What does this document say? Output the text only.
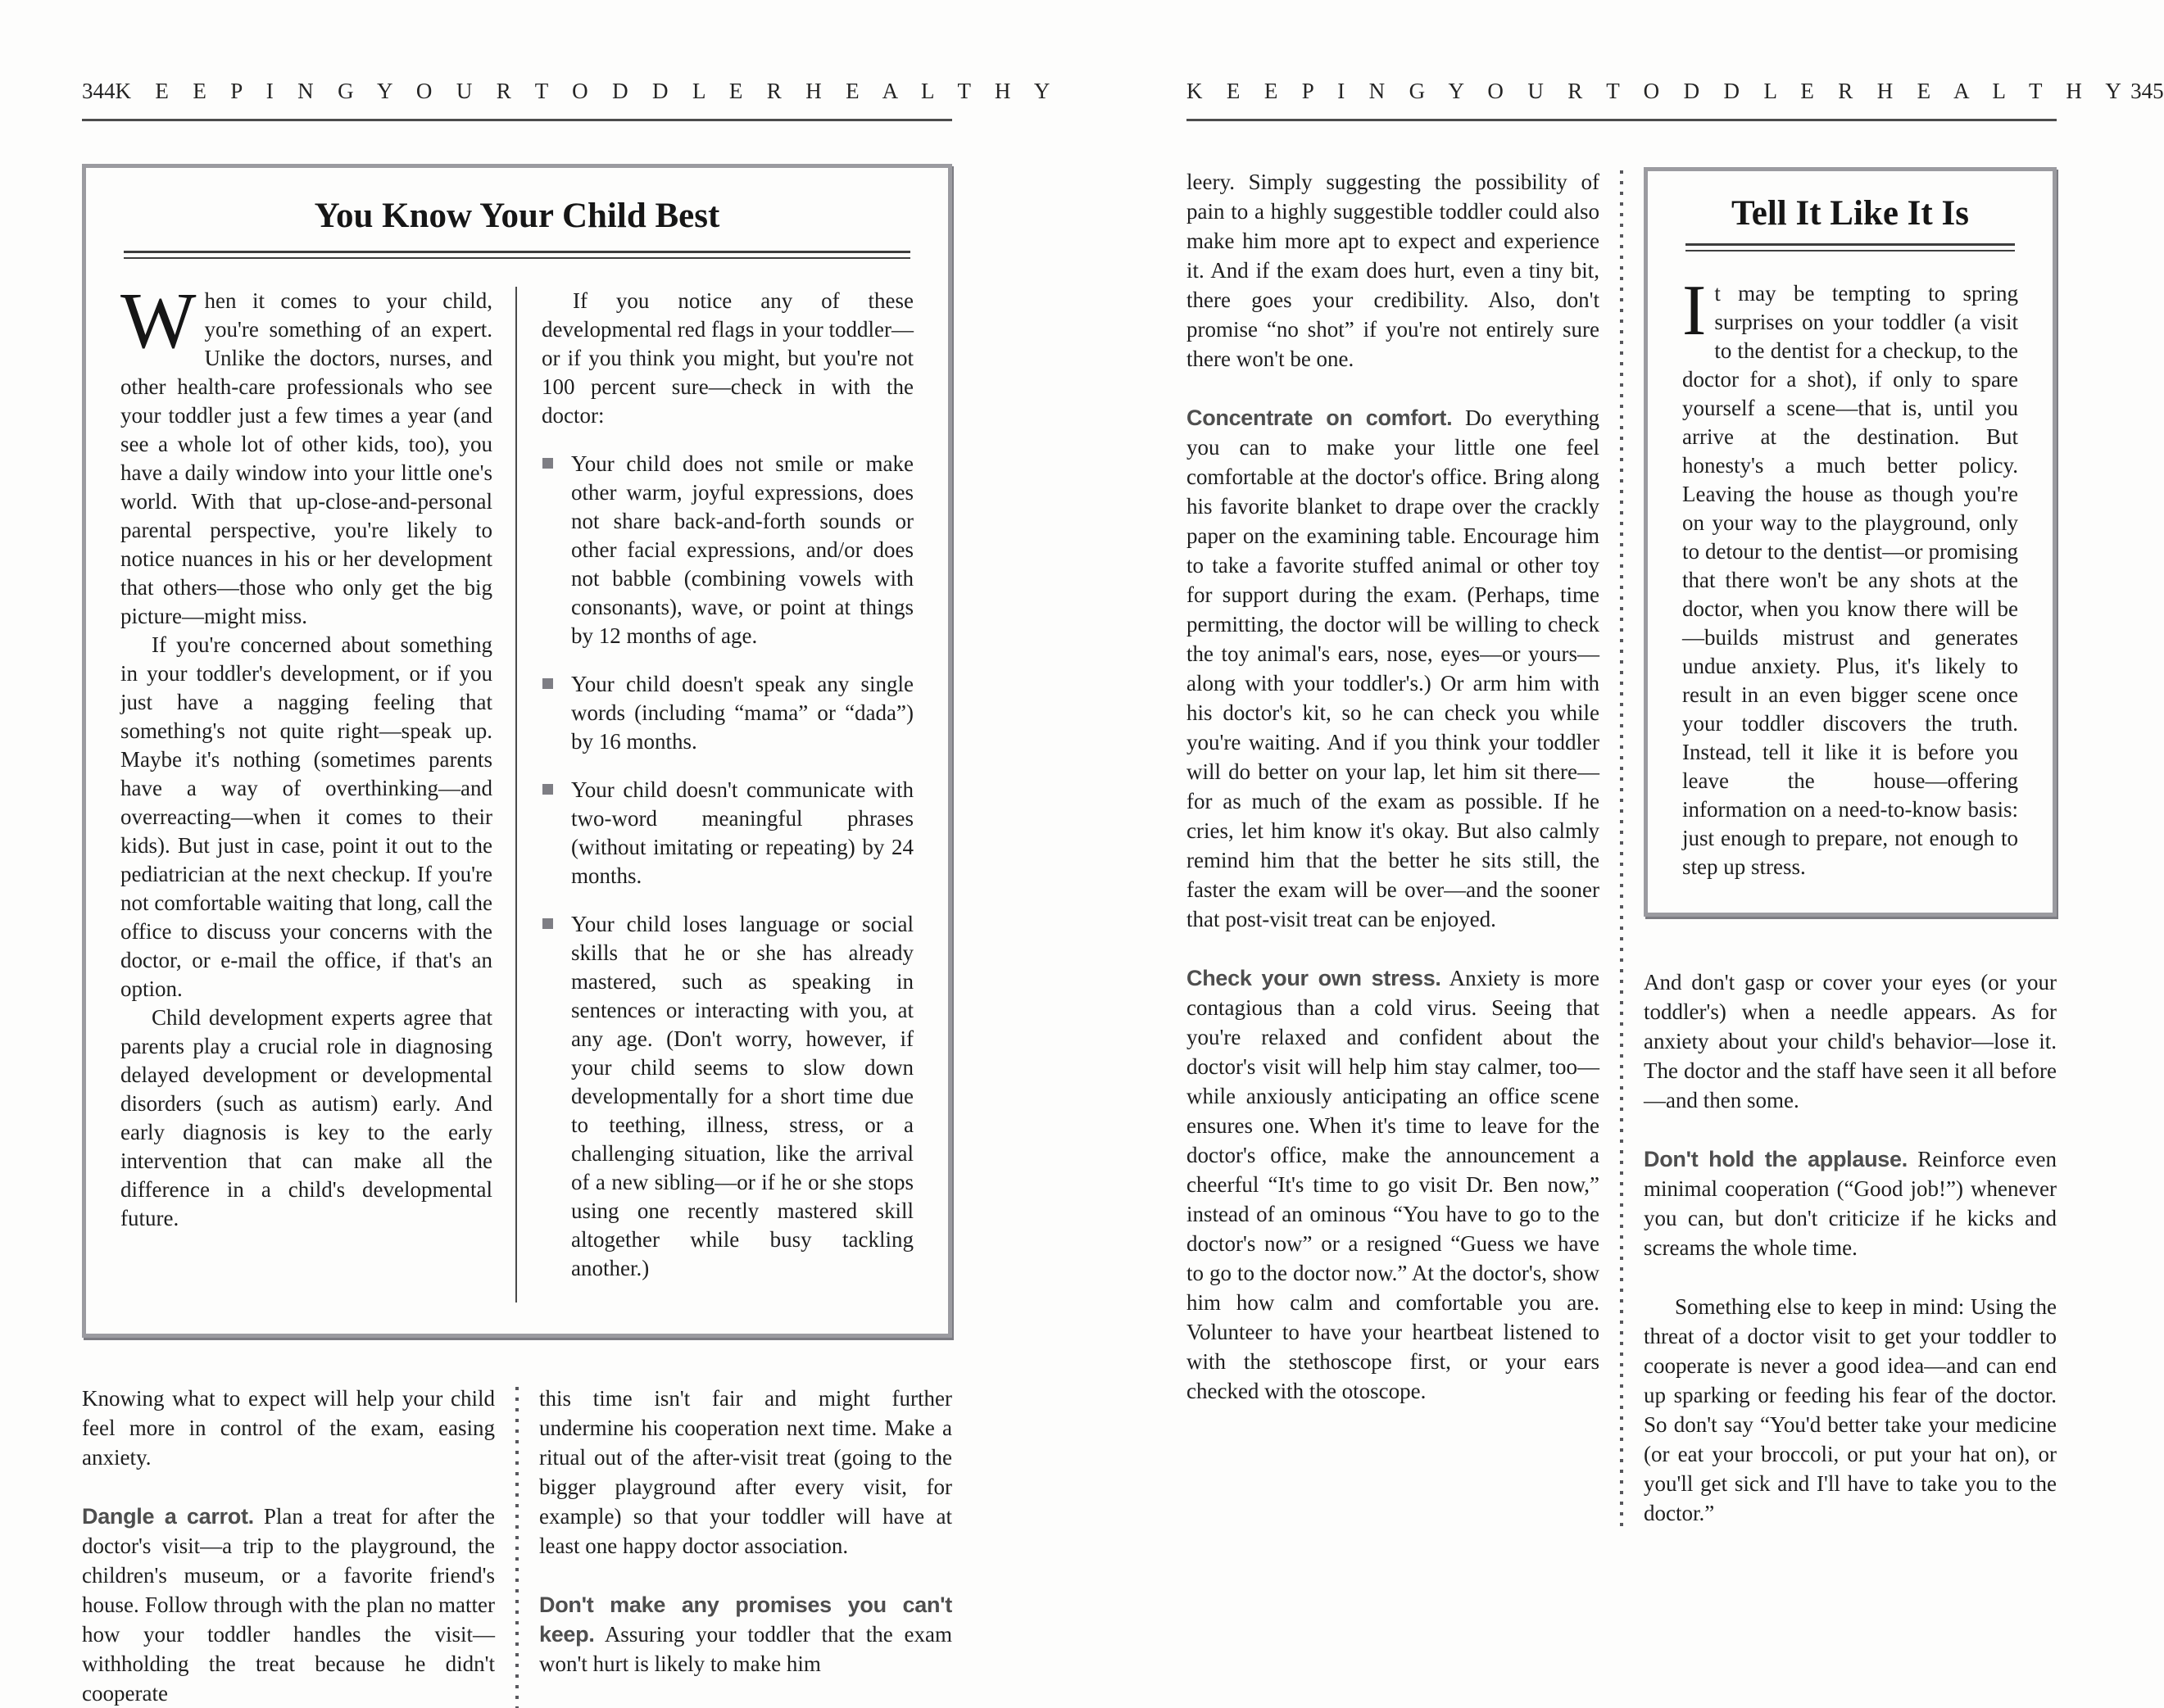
344 K E E P I N G Y O U R T O D D L E R H E A L T H Y
You Know Your Child Best

When it comes to your child, you're something of an expert. Unlike the doctors, nurses, and other health-care professionals who see your toddler just a few times a year (and see a whole lot of other kids, too), you have a daily window into your little one's world. With that up-close-and-personal parental perspective, you're likely to notice nuances in his or her development that others—those who only get the big picture—might miss.

If you're concerned about something in your toddler's development, or if you just have a nagging feeling that something's not quite right—speak up. Maybe it's nothing (sometimes parents have a way of overthinking—and overreacting—when it comes to their kids). But just in case, point it out to the pediatrician at the next checkup. If you're not comfortable waiting that long, call the office to discuss your concerns with the doctor, or e-mail the office, if that's an option.

Child development experts agree that parents play a crucial role in diagnosing delayed development or developmental disorders (such as autism) early. And early diagnosis is key to the early intervention that can make all the difference in a child's developmental future.

If you notice any of these developmental red flags in your toddler—or if you think you might, but you're not 100 percent sure—check in with the doctor:

Your child does not smile or make other warm, joyful expressions, does not share back-and-forth sounds or other facial expressions, and/or does not babble (combining vowels with consonants), wave, or point at things by 12 months of age.
Your child doesn't speak any single words (including “mama” or “dada”) by 16 months.
Your child doesn't communicate with two-word meaningful phrases (without imitating or repeating) by 24 months.
Your child loses language or social skills that he or she has already mastered, such as speaking in sentences or interacting with you, at any age. (Don't worry, however, if your child seems to slow down developmentally for a short time due to teething, illness, stress, or a challenging situation, like the arrival of a new sibling—or if he or she stops using one recently mastered skill altogether while busy tackling another.)

Knowing what to expect will help your child feel more in control of the exam, easing anxiety.

Dangle a carrot. Plan a treat for after the doctor's visit—a trip to the playground, the children's museum, or a favorite friend's house. Follow through with the plan no matter how your toddler handles the visit—withholding the treat because he didn't cooperate

this time isn't fair and might further undermine his cooperation next time. Make a ritual out of the after-visit treat (going to the bigger playground after every visit, for example) so that your toddler will have at least one happy doctor association.

Don't make any promises you can't keep. Assuring your toddler that the exam won't hurt is likely to make him

K E E P I N G Y O U R T O D D L E R H E A L T H Y 345

leery. Simply suggesting the possibility of pain to a highly suggestible toddler could also make him more apt to expect and experience it. And if the exam does hurt, even a tiny bit, there goes your credibility. Also, don't promise “no shot” if you're not entirely sure there won't be one.

Concentrate on comfort. Do everything you can to make your little one feel comfortable at the doctor's office. Bring along his favorite blanket to drape over the crackly paper on the examining table. Encourage him to take a favorite stuffed animal or other toy for support during the exam. (Perhaps, time permitting, the doctor will be willing to check the toy animal's ears, nose, eyes—or yours—along with your toddler's.) Or arm him with his doctor's kit, so he can check you while you're waiting. And if you think your toddler will do better on your lap, let him sit there—for as much of the exam as possible. If he cries, let him know it's okay. But also calmly remind him that the better he sits still, the faster the exam will be over—and the sooner that post-visit treat can be enjoyed.

Check your own stress. Anxiety is more contagious than a cold virus. Seeing that you're relaxed and confident about the doctor's visit will help him stay calmer, too—while anxiously anticipating an office scene ensures one. When it's time to leave for the doctor's office, make the announcement a cheerful “It's time to go visit Dr. Ben now,” instead of an ominous “You have to go to the doctor's now” or a resigned “Guess we have to go to the doctor now.” At the doctor's, show him how calm and comfortable you are. Volunteer to have your heartbeat listened to with the stethoscope first, or your ears checked with the otoscope.

Tell It Like It Is

It may be tempting to spring surprises on your toddler (a visit to the dentist for a checkup, to the doctor for a shot), if only to spare yourself a scene—that is, until you arrive at the destination. But honesty's a much better policy. Leaving the house as though you're on your way to the playground, only to detour to the dentist—or promising that there won't be any shots at the doctor, when you know there will be—builds mistrust and generates undue anxiety. Plus, it's likely to result in an even bigger scene once your toddler discovers the truth. Instead, tell it like it is before you leave the house—offering information on a need-to-know basis: just enough to prepare, not enough to step up stress.

And don't gasp or cover your eyes (or your toddler's) when a needle appears. As for anxiety about your child's behavior—lose it. The doctor and the staff have seen it all before—and then some.

Don't hold the applause. Reinforce even minimal cooperation (“Good job!”) whenever you can, but don't criticize if he kicks and screams the whole time.

Something else to keep in mind: Using the threat of a doctor visit to get your toddler to cooperate is never a good idea—and can end up sparking or feeding his fear of the doctor. So don't say “You'd better take your medicine (or eat your broccoli, or put your hat on), or you'll get sick and I'll have to take you to the doctor.”
